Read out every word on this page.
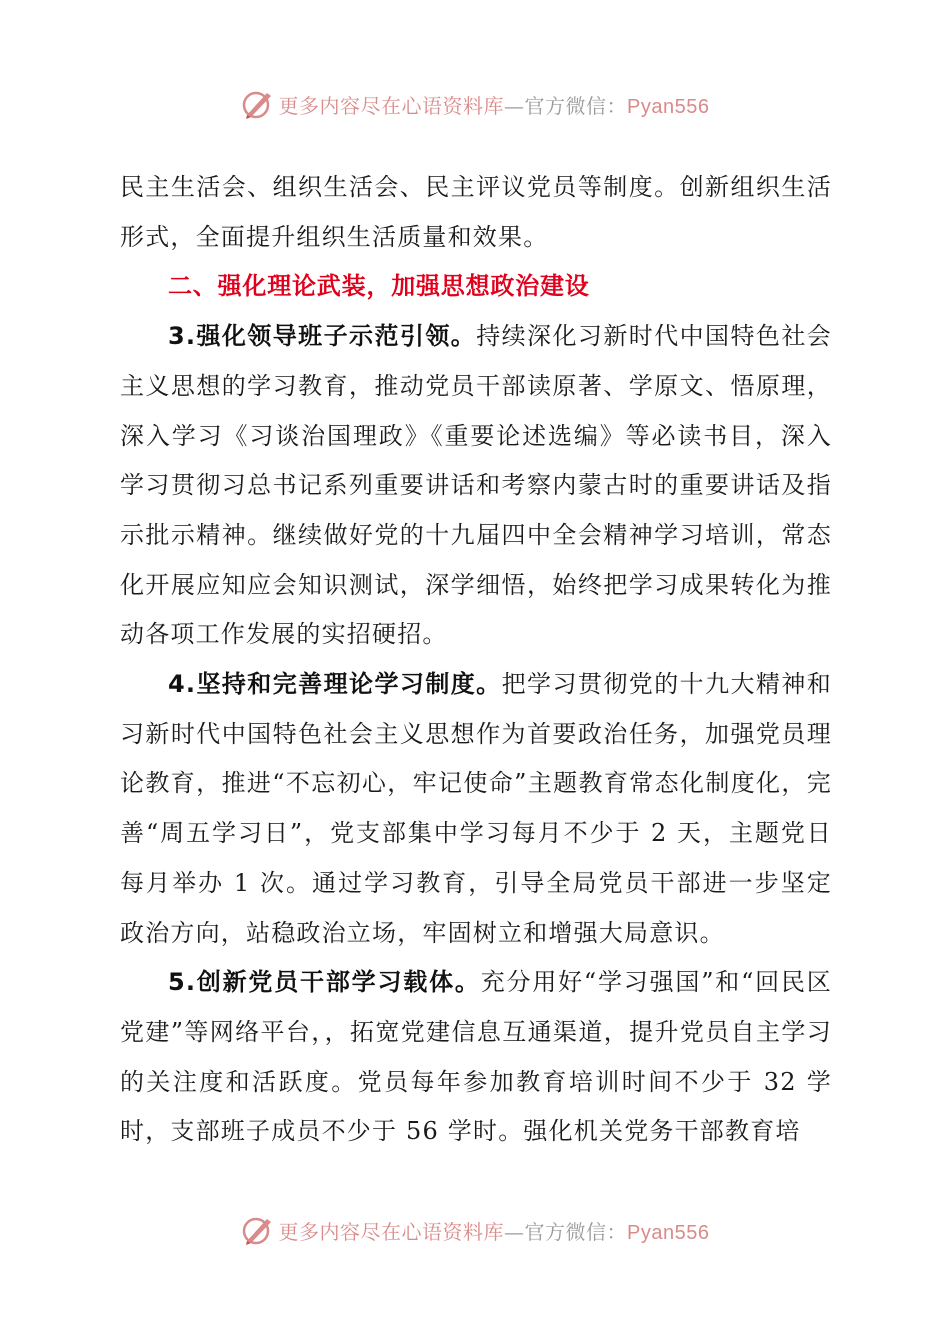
更多内容尽在心语资料库—官方微信：Pyan556

民主生活会、组织生活会、民主评议党员等制度。创新组织生活形式，全面提升组织生活质量和效果。

二、强化理论武装，加强思想政治建设

3.强化领导班子示范引领。持续深化习新时代中国特色社会主义思想的学习教育，推动党员干部读原著、学原文、悟原理，深入学习《习谈治国理政》《重要论述选编》等必读书目，深入学习贯彻习总书记系列重要讲话和考察内蒙古时的重要讲话及指示批示精神。继续做好党的十九届四中全会精神学习培训，常态化开展应知应会知识测试，深学细悟，始终把学习成果转化为推动各项工作发展的实招硬招。

4.坚持和完善理论学习制度。把学习贯彻党的十九大精神和习新时代中国特色社会主义思想作为首要政治任务，加强党员理论教育，推进“不忘初心，牢记使命”主题教育常态化制度化，完善“周五学习日”，党支部集中学习每月不少于 2 天，主题党日每月举办 1 次。通过学习教育，引导全局党员干部进一步坚定政治方向，站稳政治立场，牢固树立和增强大局意识。

5.创新党员干部学习载体。充分用好“学习强国”和“回民区党建”等网络平台，，拓宽党建信息互通渠道，提升党员自主学习的关注度和活跃度。党员每年参加教育培训时间不少于 32 学时，支部班子成员不少于 56 学时。强化机关党务干部教育培

更多内容尽在心语资料库—官方微信：Pyan556
